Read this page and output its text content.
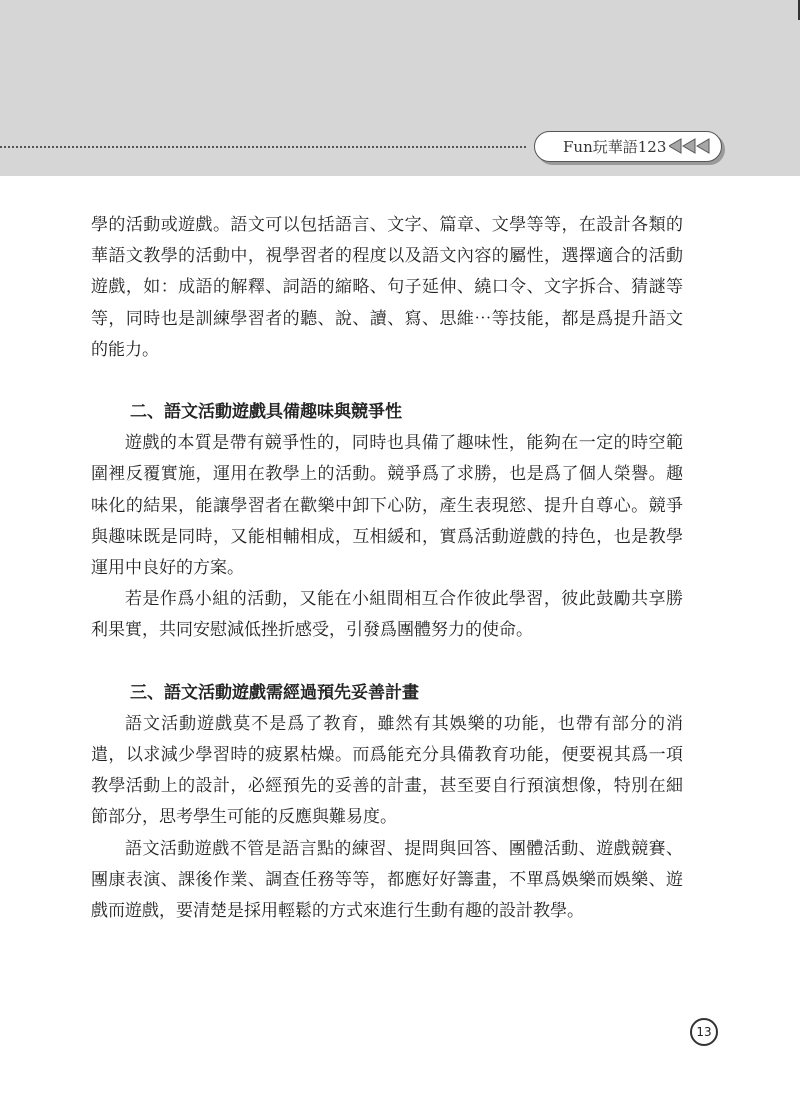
Fun玩華語123

學的活動或遊戲。語文可以包括語言、文字、篇章、文學等等，在設計各類的華語文教學的活動中，視學習者的程度以及語文內容的屬性，選擇適合的活動遊戲，如：成語的解釋、詞語的縮略、句子延伸、繞口令、文字拆合、猜謎等等，同時也是訓練學習者的聽、說、讀、寫、思維⋯等技能，都是爲提升語文的能力。

二、語文活動遊戲具備趣味與競爭性

遊戲的本質是帶有競爭性的，同時也具備了趣味性，能夠在一定的時空範圍裡反覆實施，運用在教學上的活動。競爭爲了求勝，也是爲了個人榮譽。趣味化的結果，能讓學習者在歡樂中卸下心防，產生表現慾、提升自尊心。競爭與趣味既是同時，又能相輔相成，互相緩和，實爲活動遊戲的持色，也是教學運用中良好的方案。

若是作爲小組的活動，又能在小組間相互合作彼此學習，彼此鼓勵共享勝利果實，共同安慰減低挫折感受，引發爲團體努力的使命。

三、語文活動遊戲需經過預先妥善計畫

語文活動遊戲莫不是爲了教育，雖然有其娛樂的功能，也帶有部分的消遣，以求減少學習時的疲累枯燥。而爲能充分具備教育功能，便要視其爲一項教學活動上的設計，必經預先的妥善的計畫，甚至要自行預演想像，特別在細節部分，思考學生可能的反應與難易度。

語文活動遊戲不管是語言點的練習、提問與回答、團體活動、遊戲競賽、團康表演、課後作業、調查任務等等，都應好好籌畫，不單爲娛樂而娛樂、遊戲而遊戲，要清楚是採用輕鬆的方式來進行生動有趣的設計教學。

13
